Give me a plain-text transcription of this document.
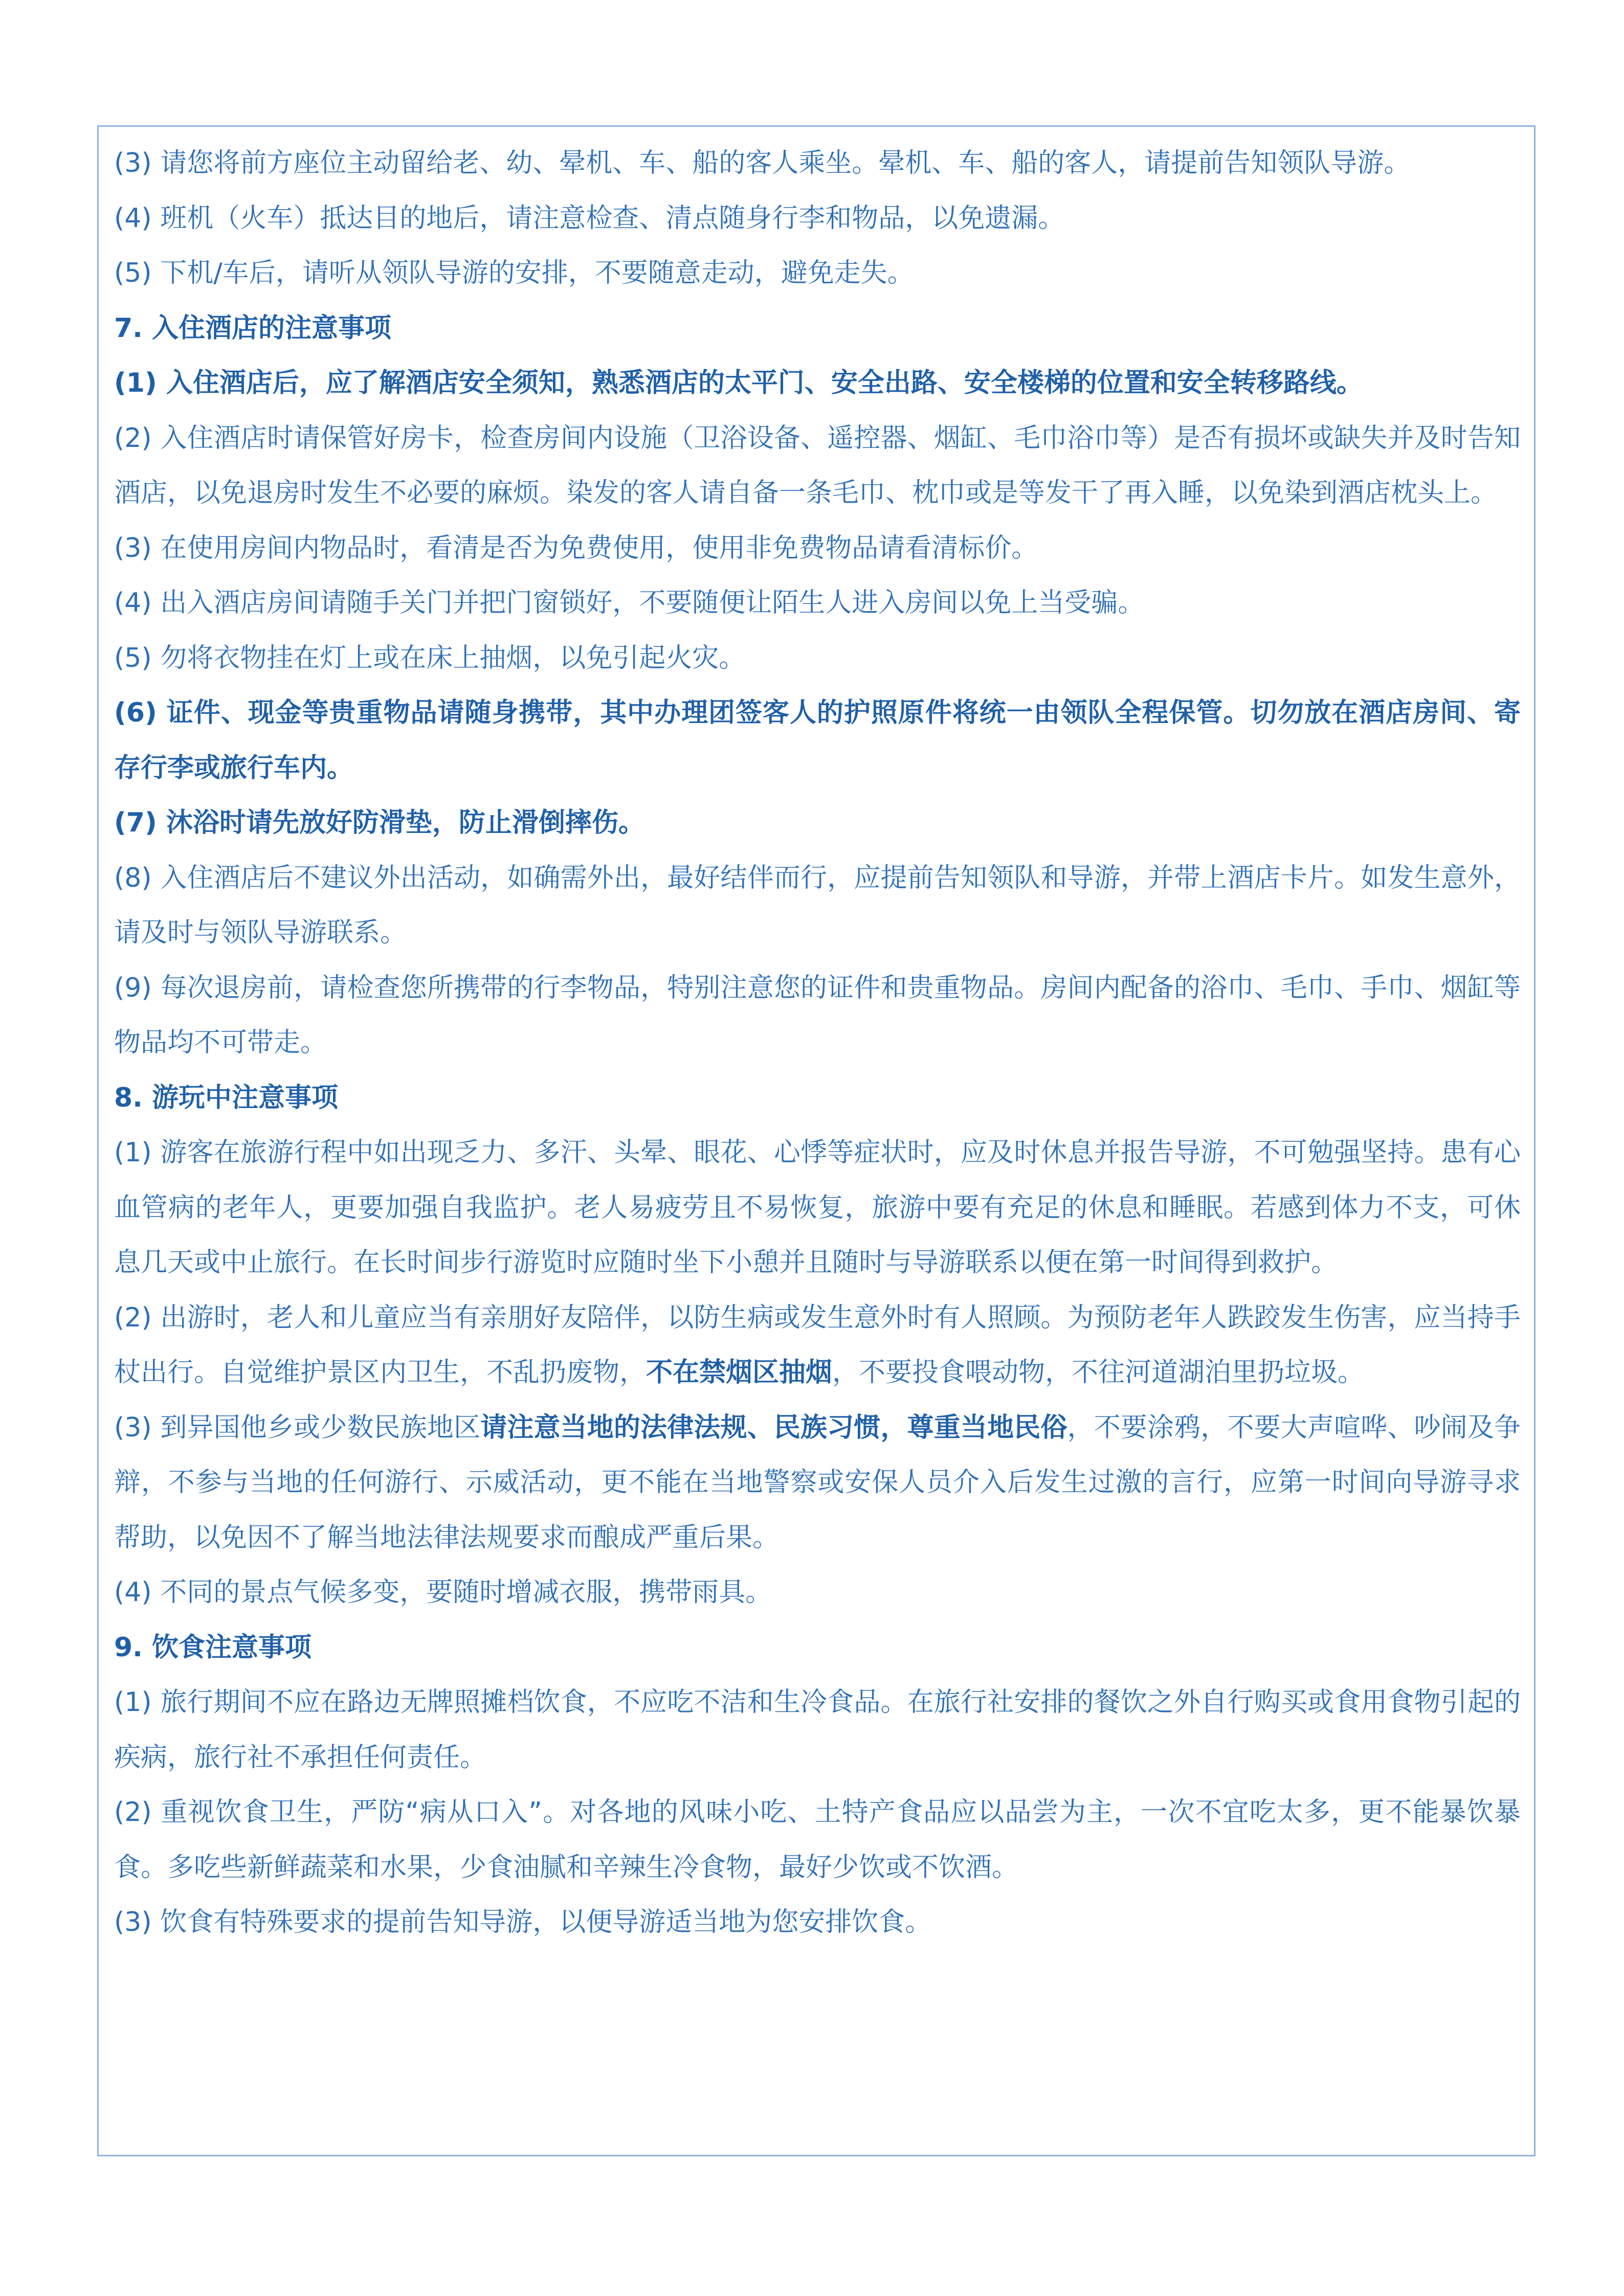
(3) 请您将前方座位主动留给老、幼、晕机、车、船的客人乘坐。晕机、车、船的客人，请提前告知领队导游。

(4) 班机（火车）抵达目的地后，请注意检查、清点随身行李和物品，以免遗漏。

(5) 下机/车后，请听从领队导游的安排，不要随意走动，避免走失。

7. 入住酒店的注意事项

(1) 入住酒店后，应了解酒店安全须知，熟悉酒店的太平门、安全出路、安全楼梯的位置和安全转移路线。

(2) 入住酒店时请保管好房卡，检查房间内设施（卫浴设备、遥控器、烟缸、毛巾浴巾等）是否有损坏或缺失并及时告知酒店，以免退房时发生不必要的麻烦。染发的客人请自备一条毛巾、枕巾或是等发干了再入睡，以免染到酒店枕头上。

(3) 在使用房间内物品时，看清是否为免费使用，使用非免费物品请看清标价。

(4) 出入酒店房间请随手关门并把门窗锁好，不要随便让陌生人进入房间以免上当受骗。

(5) 勿将衣物挂在灯上或在床上抽烟，以免引起火灾。

(6) 证件、现金等贵重物品请随身携带，其中办理团签客人的护照原件将统一由领队全程保管。切勿放在酒店房间、寄存行李或旅行车内。

(7) 沐浴时请先放好防滑垫，防止滑倒摔伤。

(8) 入住酒店后不建议外出活动，如确需外出，最好结伴而行，应提前告知领队和导游，并带上酒店卡片。如发生意外，请及时与领队导游联系。

(9) 每次退房前，请检查您所携带的行李物品，特别注意您的证件和贵重物品。房间内配备的浴巾、毛巾、手巾、烟缸等物品均不可带走。

8. 游玩中注意事项

(1) 游客在旅游行程中如出现乏力、多汗、头晕、眼花、心悸等症状时，应及时休息并报告导游，不可勉强坚持。患有心血管病的老年人，更要加强自我监护。老人易疲劳且不易恢复，旅游中要有充足的休息和睡眠。若感到体力不支，可休息几天或中止旅行。在长时间步行游览时应随时坐下小憩并且随时与导游联系以便在第一时间得到救护。

(2) 出游时，老人和儿童应当有亲朋好友陪伴，以防生病或发生意外时有人照顾。为预防老年人跌跤发生伤害，应当持手杖出行。自觉维护景区内卫生，不乱扔废物，不在禁烟区抽烟，不要投食喂动物，不往河道湖泊里扔垃圾。

(3) 到异国他乡或少数民族地区请注意当地的法律法规、民族习惯，尊重当地民俗，不要涂鸦，不要大声喧哗、吵闹及争辩，不参与当地的任何游行、示威活动，更不能在当地警察或安保人员介入后发生过激的言行，应第一时间向导游寻求帮助，以免因不了解当地法律法规要求而酿成严重后果。

(4) 不同的景点气候多变，要随时增减衣服，携带雨具。

9. 饮食注意事项

(1) 旅行期间不应在路边无牌照摊档饮食，不应吃不洁和生冷食品。在旅行社安排的餐饮之外自行购买或食用食物引起的疾病，旅行社不承担任何责任。

(2) 重视饮食卫生，严防“病从口入”。对各地的风味小吃、土特产食品应以品尝为主，一次不宜吃太多，更不能暴饮暴食。多吃些新鲜蔬菜和水果，少食油腻和辛辣生冷食物，最好少饮或不饮酒。

(3) 饮食有特殊要求的提前告知导游，以便导游适当地为您安排饮食。
